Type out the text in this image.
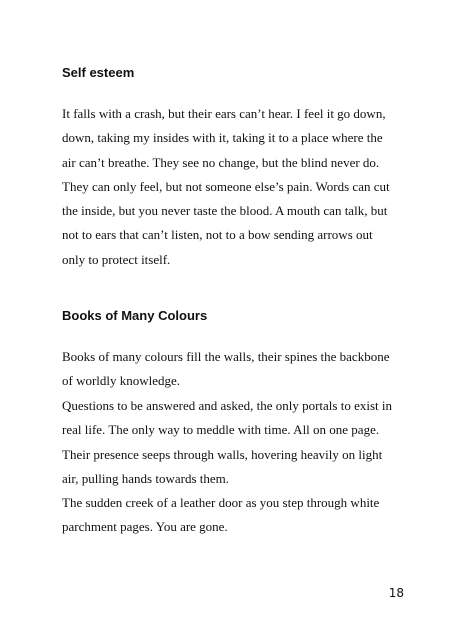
Self esteem

It falls with a crash, but their ears can’t hear. I feel it go down,
down, taking my insides with it, taking it to a place where the
air can’t breathe. They see no change, but the blind never do.
They can only feel, but not someone else’s pain. Words can cut
the inside, but you never taste the blood. A mouth can talk, but
not to ears that can’t listen, not to a bow sending arrows out
only to protect itself.

Books of Many Colours

Books of many colours fill the walls, their spines the backbone
of worldly knowledge.

Questions to be answered and asked, the only portals to exist in
real life. The only way to meddle with time. All on one page.

Their presence seeps through walls, hovering heavily on light
air, pulling hands towards them.

The sudden creek of a leather door as you step through white
parchment pages. You are gone.

18
